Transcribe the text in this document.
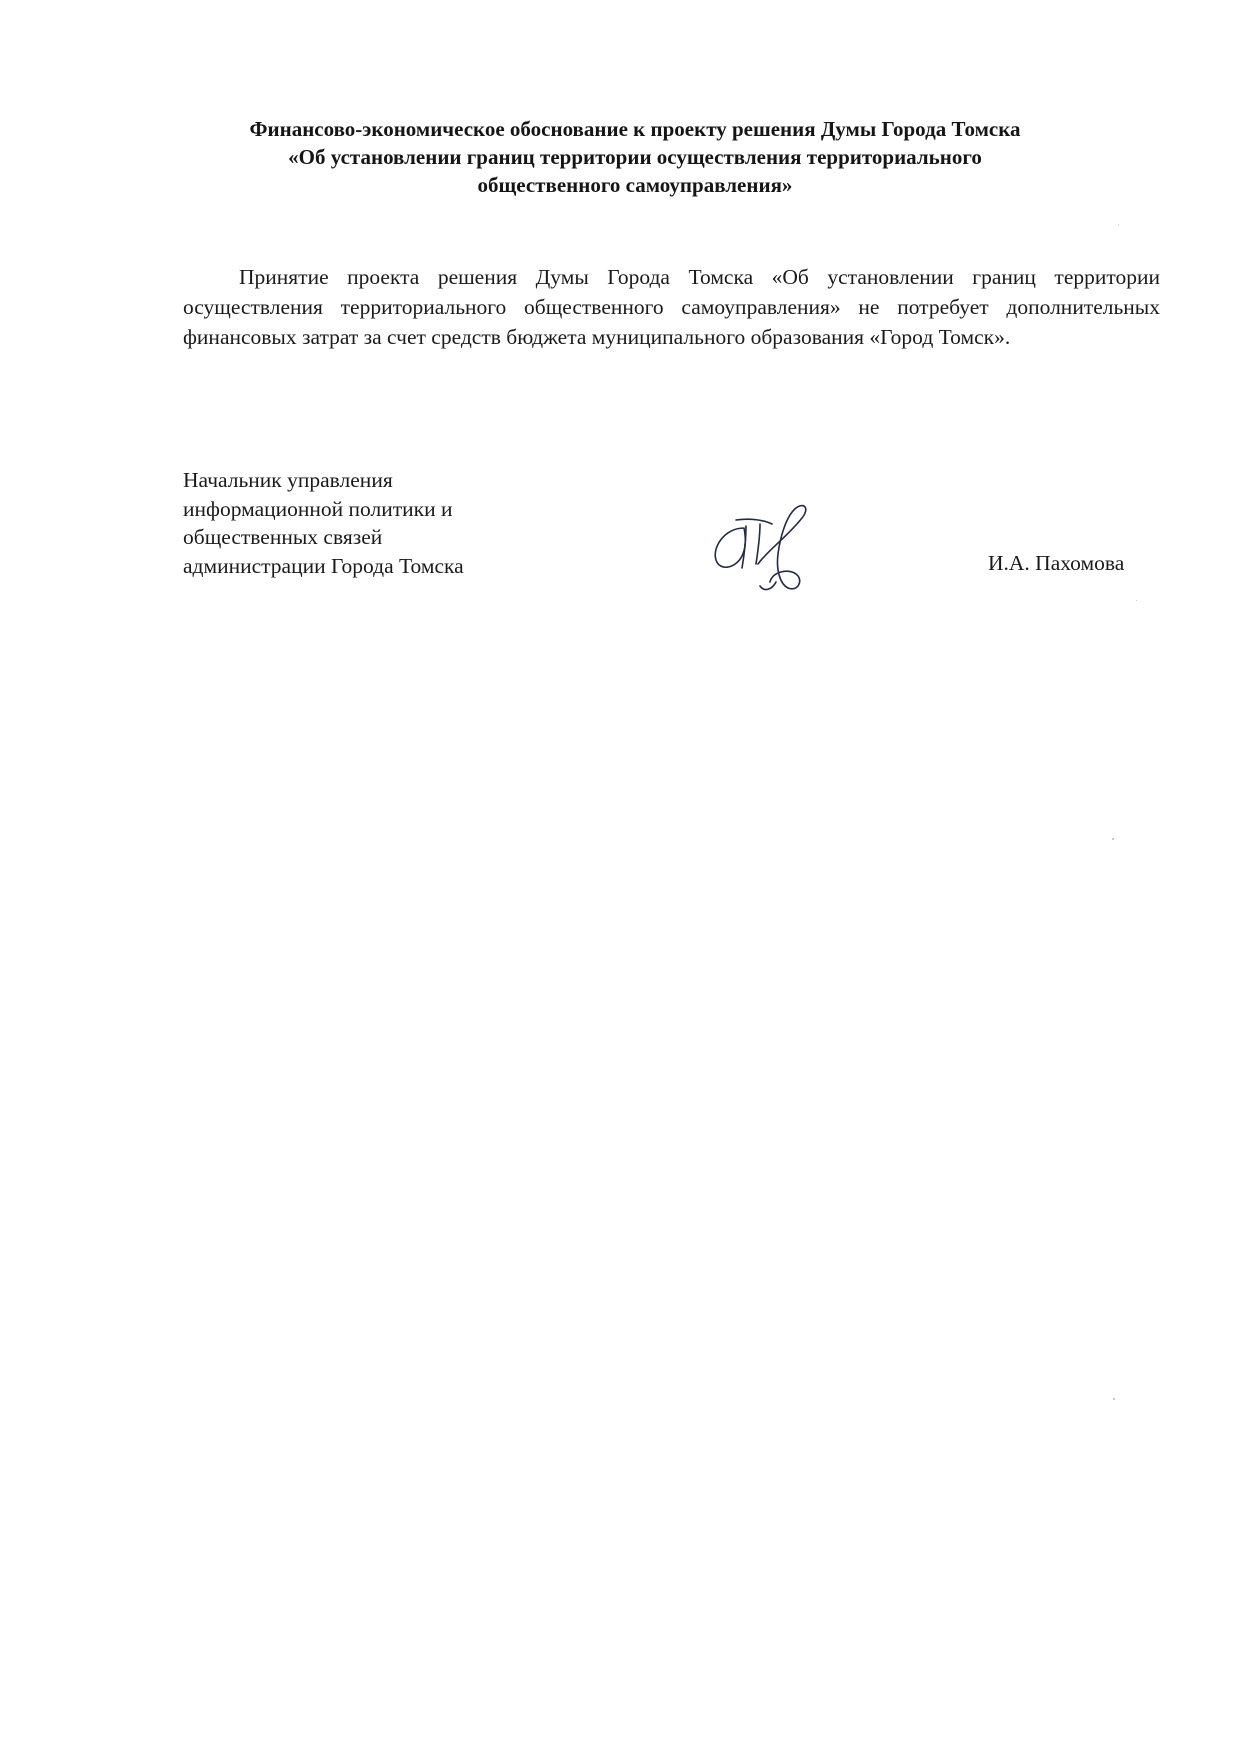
Финансово-экономическое обоснование к проекту решения Думы Города Томска
«Об установлении границ территории осуществления территориального
общественного самоуправления»

Принятие проекта решения Думы Города Томска «Об установлении границ территории осуществления территориального общественного самоуправления» не потребует дополнительных финансовых затрат за счет средств бюджета муниципального образования «Город Томск».

Начальник управления
информационной политики и
общественных связей
администрации Города Томска	И.А. Пахомова
